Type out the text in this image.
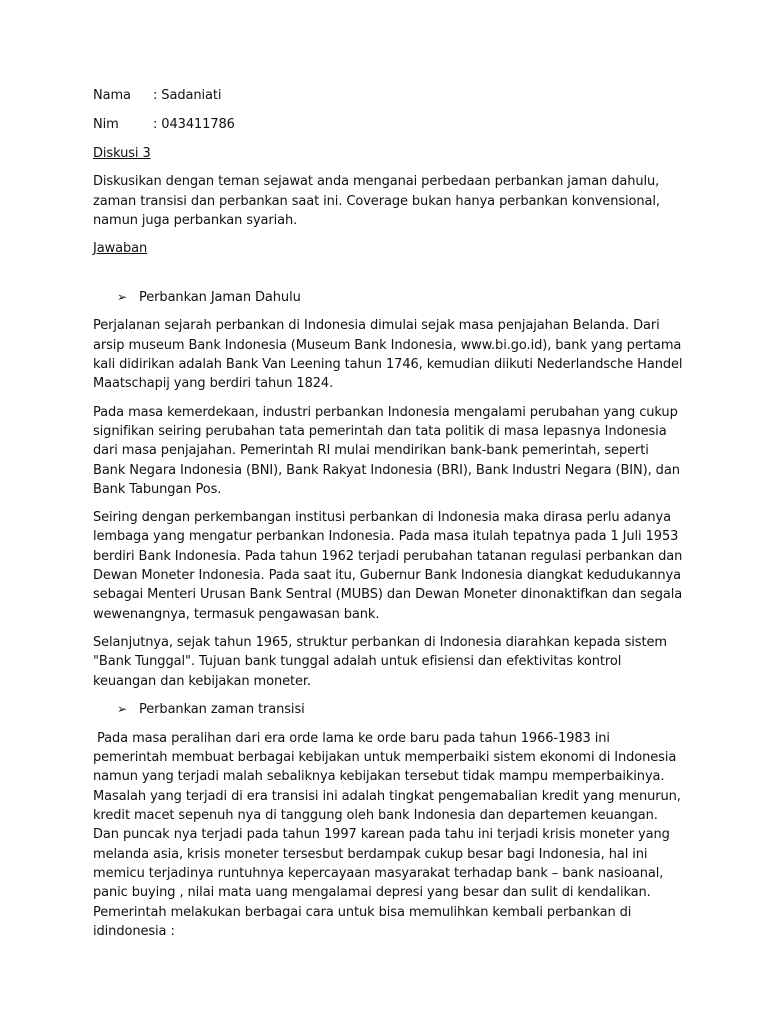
Nama	: Sadaniati
Nim	: 043411786
Diskusi 3

Diskusikan dengan teman sejawat anda menganai perbedaan perbankan jaman dahulu, zaman transisi dan perbankan saat ini. Coverage bukan hanya perbankan konvensional, namun juga perbankan syariah.

Jawaban
➢ Perbankan Jaman Dahulu

Perjalanan sejarah perbankan di Indonesia dimulai sejak masa penjajahan Belanda. Dari arsip museum Bank Indonesia (Museum Bank Indonesia, www.bi.go.id), bank yang pertama kali didirikan adalah Bank Van Leening tahun 1746, kemudian diikuti Nederlandsche Handel Maatschapij yang berdiri tahun 1824.

Pada masa kemerdekaan, industri perbankan Indonesia mengalami perubahan yang cukup signifikan seiring perubahan tata pemerintah dan tata politik di masa lepasnya Indonesia dari masa penjajahan. Pemerintah RI mulai mendirikan bank-bank pemerintah, seperti Bank Negara Indonesia (BNI), Bank Rakyat Indonesia (BRI), Bank Industri Negara (BIN), dan Bank Tabungan Pos.

Seiring dengan perkembangan institusi perbankan di Indonesia maka dirasa perlu adanya lembaga yang mengatur perbankan Indonesia. Pada masa itulah tepatnya pada 1 Juli 1953 berdiri Bank Indonesia. Pada tahun 1962 terjadi perubahan tatanan regulasi perbankan dan Dewan Moneter Indonesia. Pada saat itu, Gubernur Bank Indonesia diangkat kedudukannya sebagai Menteri Urusan Bank Sentral (MUBS) dan Dewan Moneter dinonaktifkan dan segala wewenangnya, termasuk pengawasan bank.

Selanjutnya, sejak tahun 1965, struktur perbankan di Indonesia diarahkan kepada sistem "Bank Tunggal". Tujuan bank tunggal adalah untuk efisiensi dan efektivitas kontrol keuangan dan kebijakan moneter.

➢ Perbankan zaman transisi

Pada masa peralihan dari era orde lama ke orde baru pada tahun 1966-1983 ini pemerintah membuat berbagai kebijakan untuk memperbaiki sistem ekonomi di Indonesia namun yang terjadi malah sebaliknya kebijakan tersebut tidak mampu memperbaikinya. Masalah yang terjadi di era transisi ini adalah tingkat pengemabalian kredit yang menurun, kredit macet sepenuh nya di tanggung oleh bank Indonesia dan departemen keuangan. Dan puncak nya terjadi pada tahun 1997 karean pada tahu ini terjadi krisis moneter yang melanda asia, krisis moneter tersesbut berdampak cukup besar bagi Indonesia, hal ini memicu terjadinya runtuhnya kepercayaan masyarakat terhadap bank – bank nasioanal, panic buying , nilai mata uang mengalamai depresi yang besar dan sulit di kendalikan. Pemerintah melakukan berbagai cara untuk bisa memulihkan kembali perbankan di idindonesia :
